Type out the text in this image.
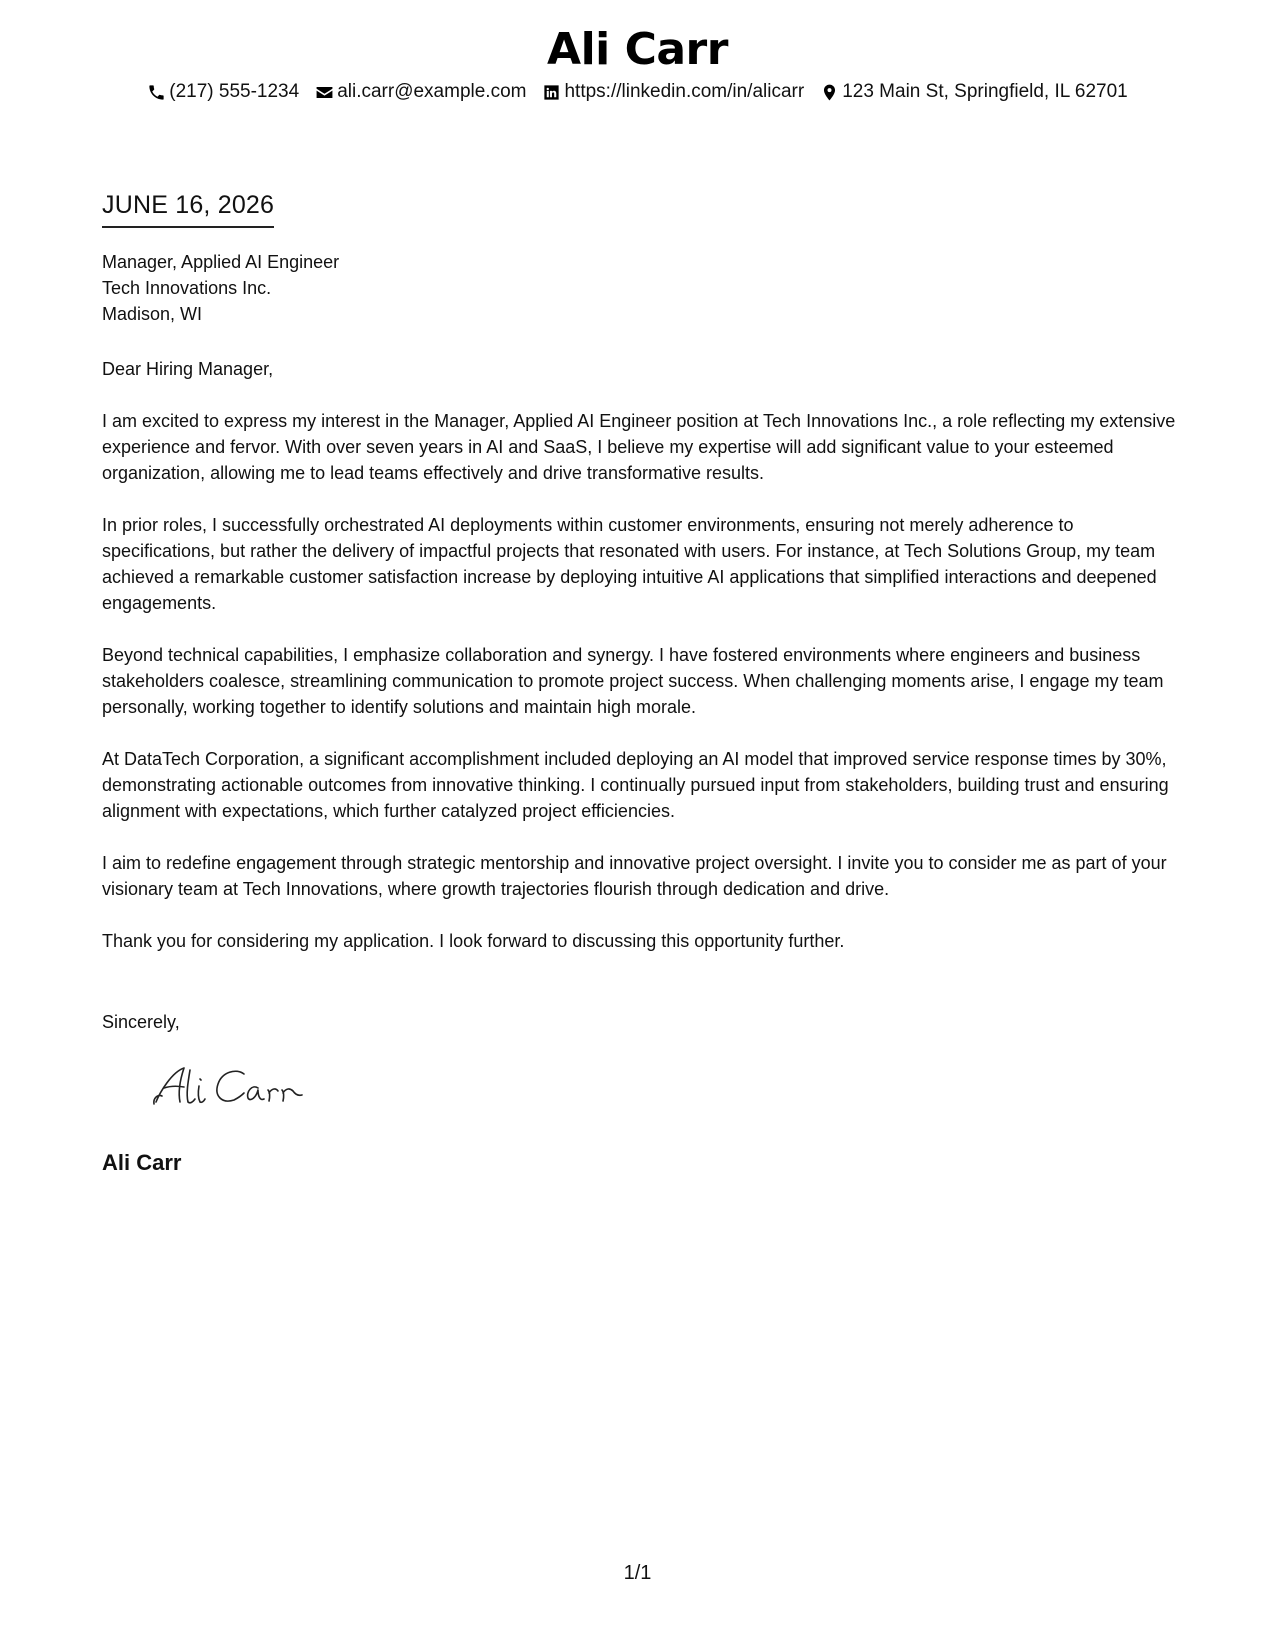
Ali Carr
(217) 555-1234 ali.carr@example.com https://linkedin.com/in/alicarr 123 Main St, Springfield, IL 62701
JUNE 16, 2026
Manager, Applied AI Engineer
Tech Innovations Inc.
Madison, WI
Dear Hiring Manager,

I am excited to express my interest in the Manager, Applied AI Engineer position at Tech Innovations Inc., a role reflecting my extensive experience and fervor. With over seven years in AI and SaaS, I believe my expertise will add significant value to your esteemed organization, allowing me to lead teams effectively and drive transformative results.

In prior roles, I successfully orchestrated AI deployments within customer environments, ensuring not merely adherence to specifications, but rather the delivery of impactful projects that resonated with users. For instance, at Tech Solutions Group, my team achieved a remarkable customer satisfaction increase by deploying intuitive AI applications that simplified interactions and deepened engagements.

Beyond technical capabilities, I emphasize collaboration and synergy. I have fostered environments where engineers and business stakeholders coalesce, streamlining communication to promote project success. When challenging moments arise, I engage my team personally, working together to identify solutions and maintain high morale.

At DataTech Corporation, a significant accomplishment included deploying an AI model that improved service response times by 30%, demonstrating actionable outcomes from innovative thinking. I continually pursued input from stakeholders, building trust and ensuring alignment with expectations, which further catalyzed project efficiencies.

I aim to redefine engagement through strategic mentorship and innovative project oversight. I invite you to consider me as part of your visionary team at Tech Innovations, where growth trajectories flourish through dedication and drive.

Thank you for considering my application. I look forward to discussing this opportunity further.

Sincerely,
Ali Carr
1/1
